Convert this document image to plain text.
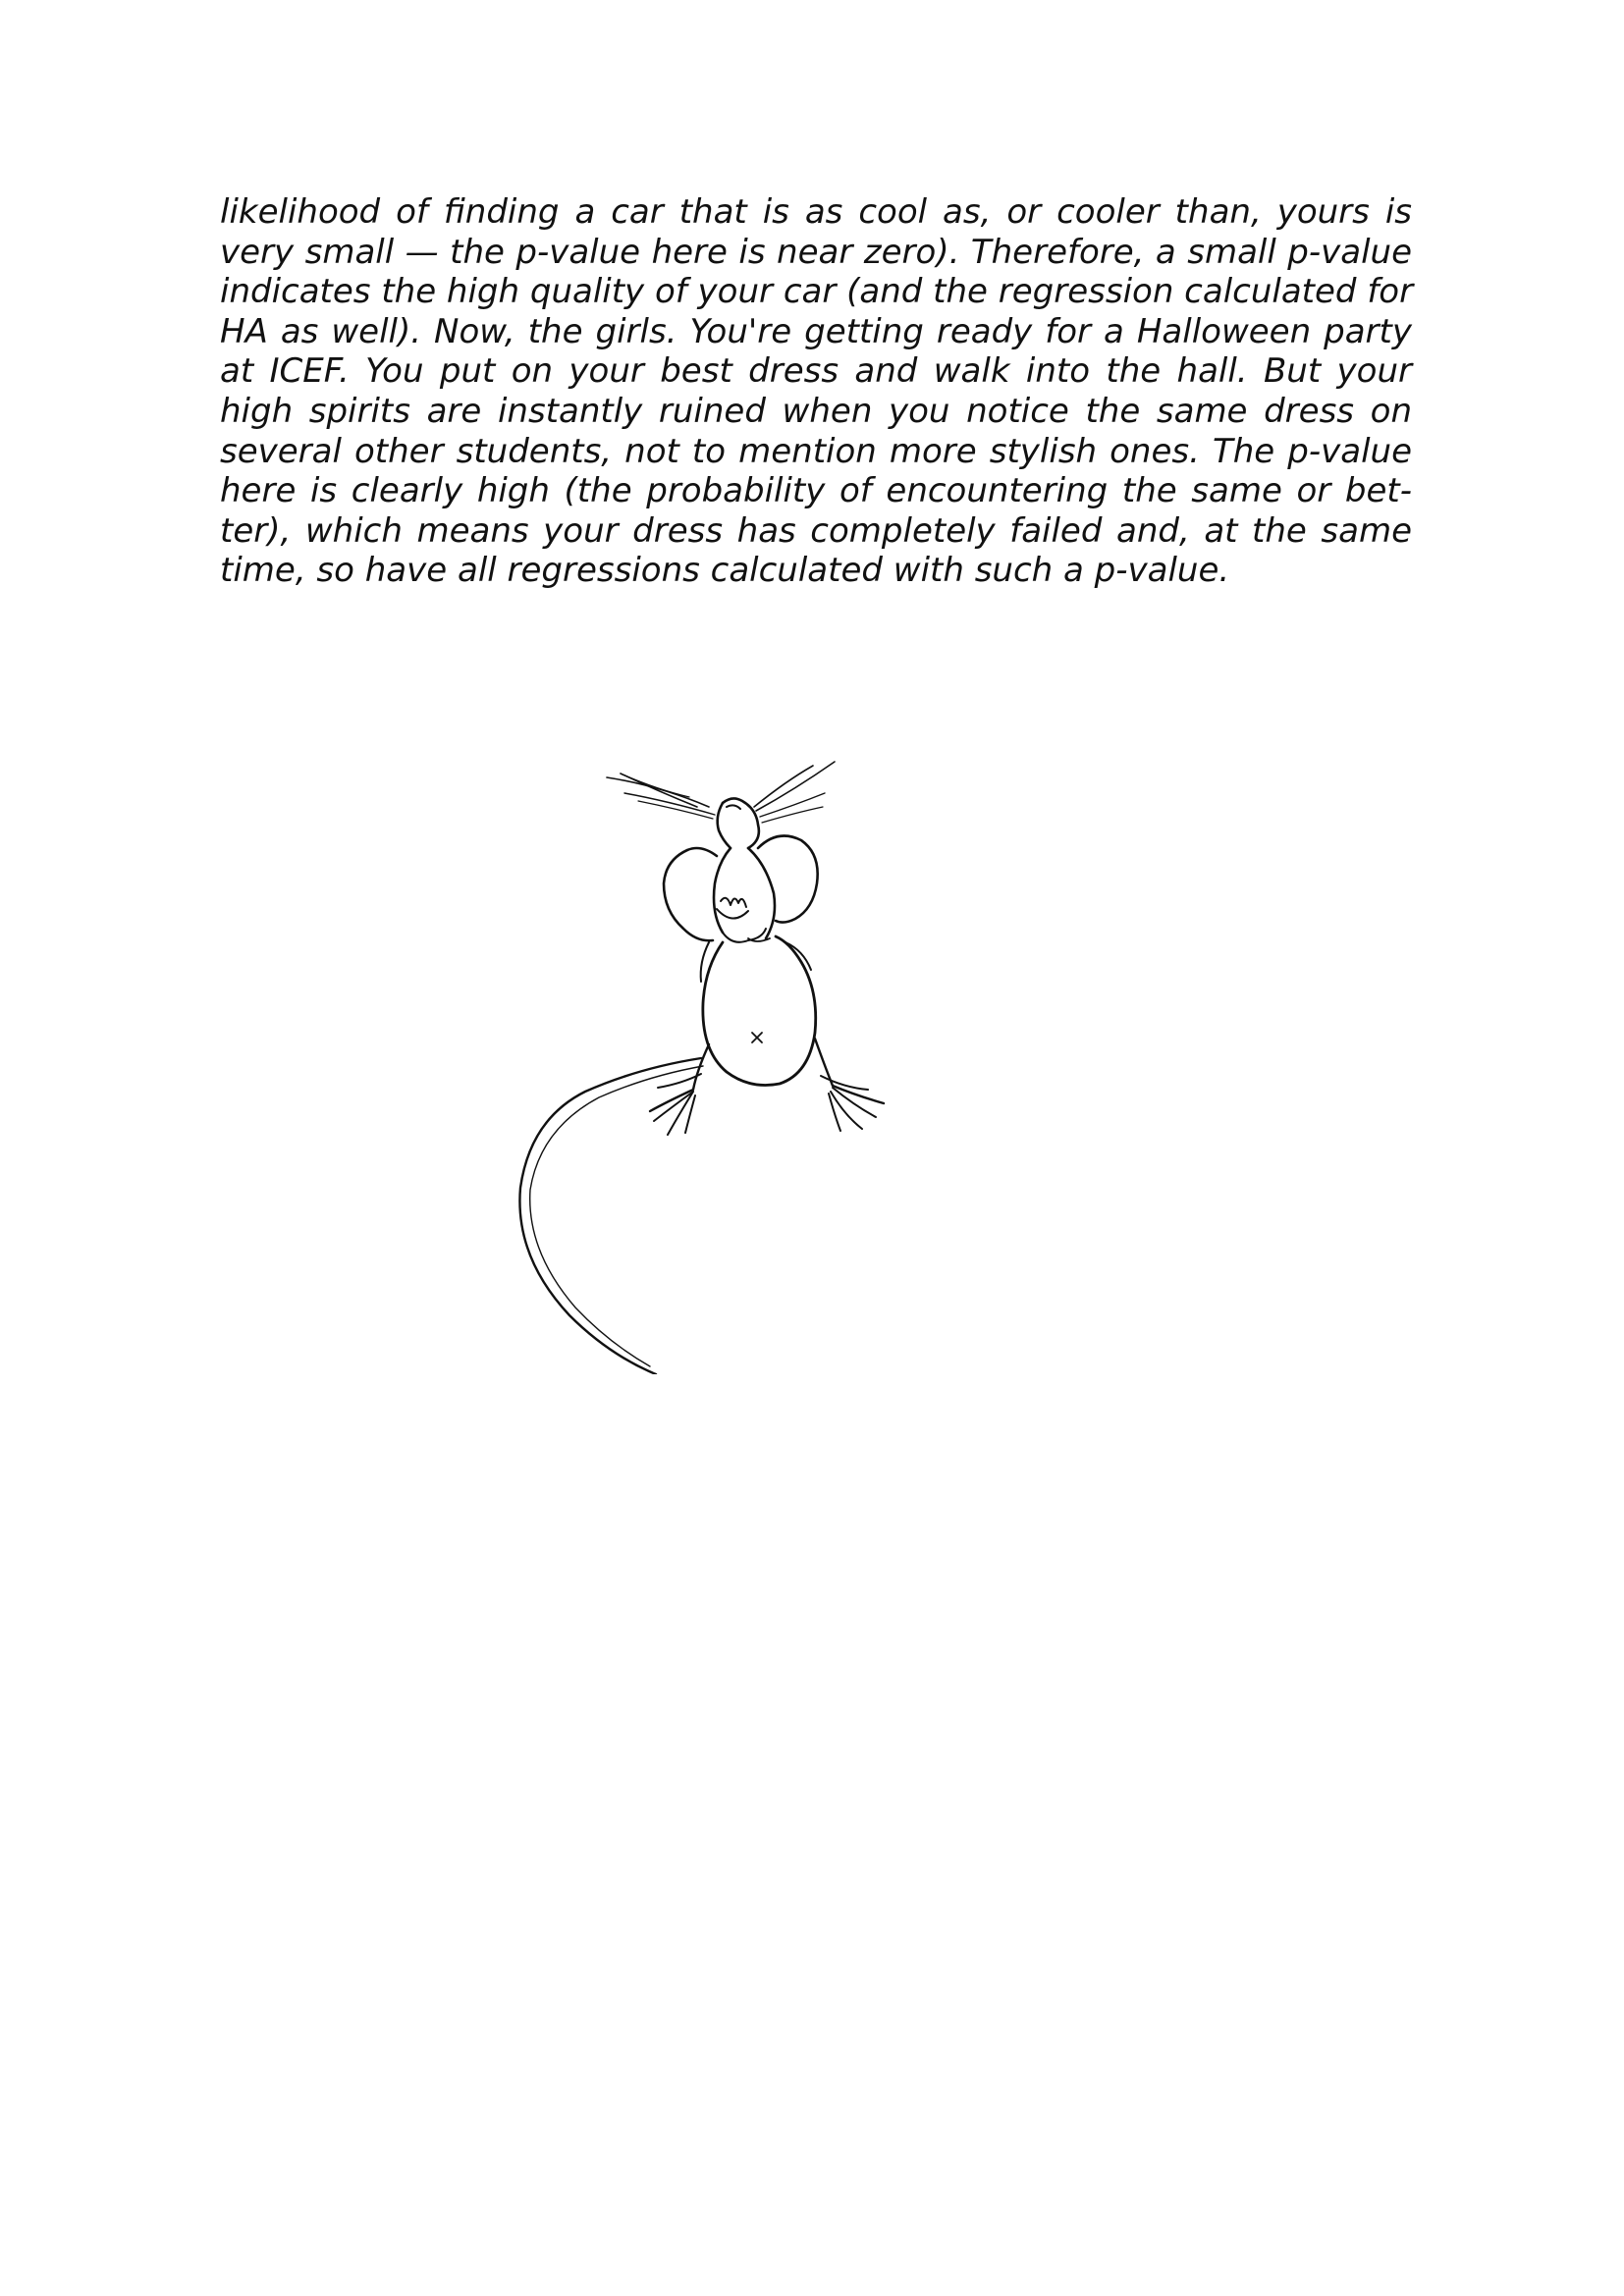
likelihood of finding a car that is as cool as, or cooler than, yours is
very small — the p-value here is near zero). Therefore, a small p-value
indicates the high quality of your car (and the regression calculated for
HA as well). Now, the girls. You're getting ready for a Halloween party
at ICEF. You put on your best dress and walk into the hall. But your
high spirits are instantly ruined when you notice the same dress on
several other students, not to mention more stylish ones. The p-value
here is clearly high (the probability of encountering the same or bet-
ter), which means your dress has completely failed and, at the same
time, so have all regressions calculated with such a p-value.
